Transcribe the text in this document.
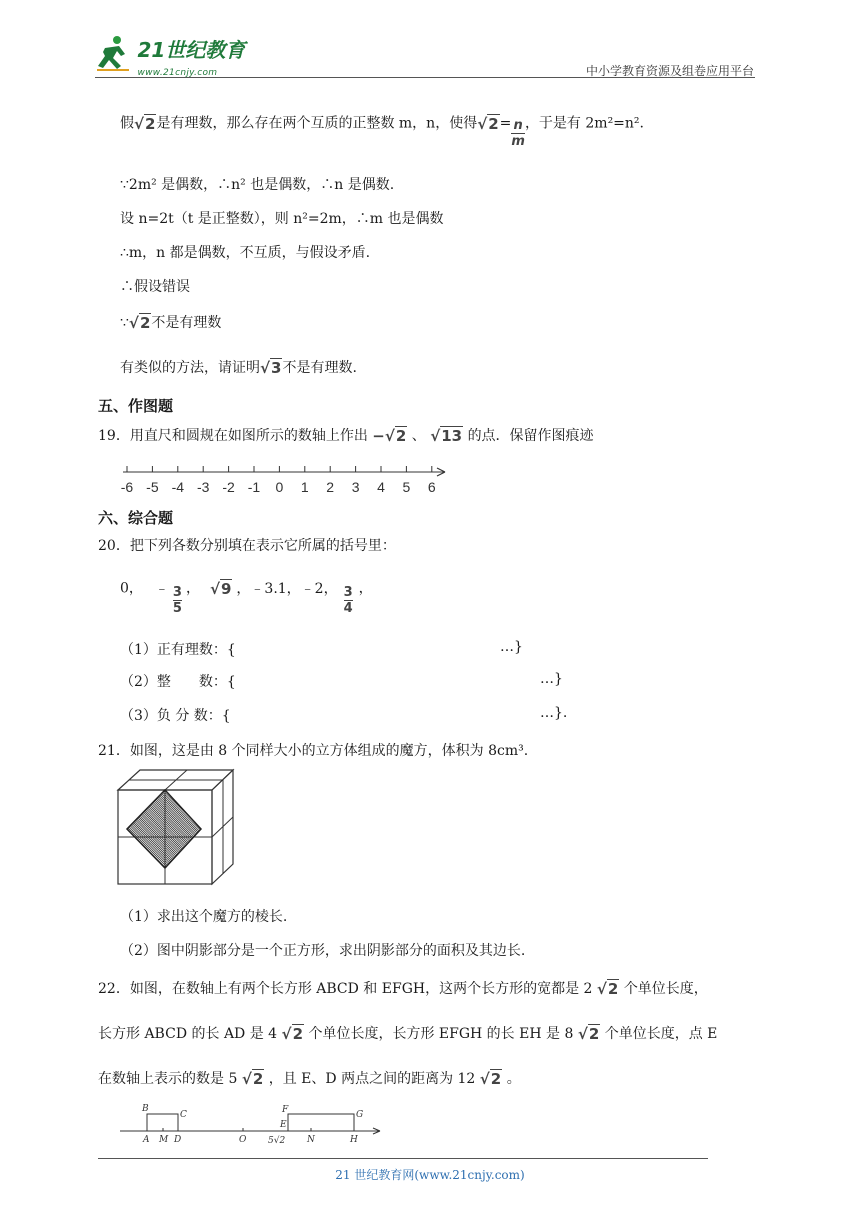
21世纪教育
www.21cnjy.com	中小学教育资源及组卷应用平台
假√2是有理数，那么存在两个互质的正整数 m，n，使得$√2= \frac{n}{m}$ ，于是有 2m²=n².
∵2m² 是偶数，∴n² 也是偶数，∴n 是偶数.
设 n=2t（t 是正整数），则 n²=2m，∴m 也是偶数
∴m，n 都是偶数，不互质，与假设矛盾.
∴假设错误
∵√2不是有理数
有类似的方法，请证明√3不是有理数.
五、作图题
19．用直尺和圆规在如图所示的数轴上作出 −√2 、 √13 的点．保留作图痕迹
-6 -5 -4 -3 -2 -1 0 1 2 3 4 5 6
六、综合题
20．把下列各数分别填在表示它所属的括号里：
0， ﹣ $\frac{3}{5}$ ， √9 ，﹣3.1，﹣2， $\frac{3}{4}$ ，
（1）正有理数：{	…}
（2）整　　数：{	…}
（3）负 分 数：{	…}.
21．如图，这是由 8 个同样大小的立方体组成的魔方，体积为 8cm³.
（1）求出这个魔方的棱长.
（2）图中阴影部分是一个正方形，求出阴影部分的面积及其边长.
22．如图，在数轴上有两个长方形 ABCD 和 EFGH，这两个长方形的宽都是 2 √2 个单位长度，
长方形 ABCD 的长 AD 是 4 √2 个单位长度，长方形 EFGH 的长 EH 是 8 √2 个单位长度，点 E
在数轴上表示的数是 5 √2 ，且 E、D 两点之间的距离为 12 √2 。
B
C
A M D	O
F
E
5√2 N
G
H
21 世纪教育网(www.21cnjy.com)
